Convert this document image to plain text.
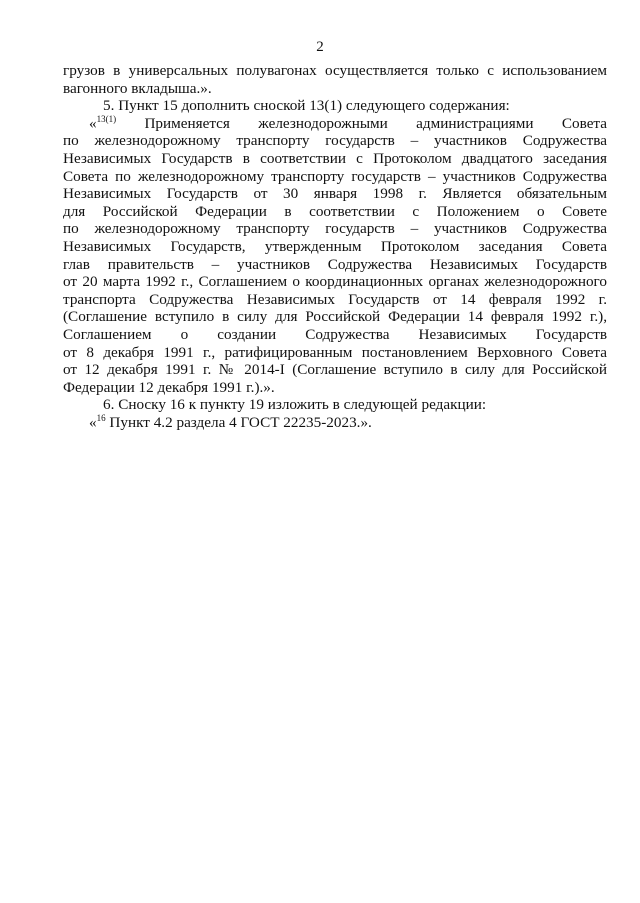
2
грузов в универсальных полувагонах осуществляется только с использованием
вагонного вкладыша.».
5. Пункт 15 дополнить сноской 13(1) следующего содержания:
«$^{13(1)}$ Применяется железнодорожными администрациями Совета
по железнодорожному транспорту государств – участников Содружества
Независимых Государств в соответствии с Протоколом двадцатого заседания
Совета по железнодорожному транспорту государств – участников Содружества
Независимых Государств от 30 января 1998 г. Является обязательным
для Российской Федерации в соответствии с Положением о Совете
по железнодорожному транспорту государств – участников Содружества
Независимых Государств, утвержденным Протоколом заседания Совета
глав правительств – участников Содружества Независимых Государств
от 20 марта 1992 г., Соглашением о координационных органах железнодорожного
транспорта Содружества Независимых Государств от 14 февраля 1992 г.
(Соглашение вступило в силу для Российской Федерации 14 февраля 1992 г.),
Соглашением о создании Содружества Независимых Государств
от 8 декабря 1991 г., ратифицированным постановлением Верховного Совета
от 12 декабря 1991 г. № 2014-I (Соглашение вступило в силу для Российской
Федерации 12 декабря 1991 г.).».
6. Сноску 16 к пункту 19 изложить в следующей редакции:
«$^{16}$ Пункт 4.2 раздела 4 ГОСТ 22235-2023.».
